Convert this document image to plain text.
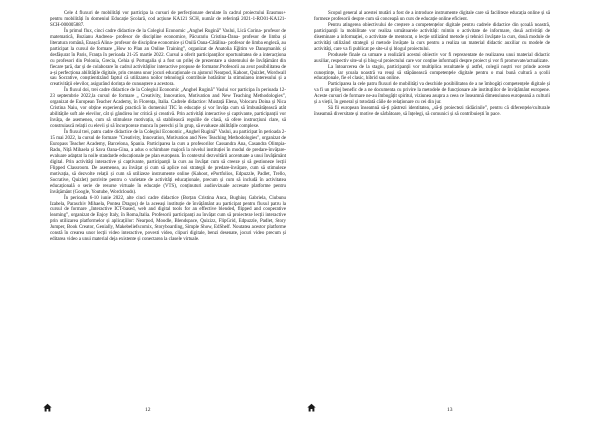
Cele 4 fluxuri de mobilități vor participa la cursuri de perfecționare derulate în cadrul proiectului Erasmus+ pentru mobilități în domeniul Educație Școlară, cod acțiune KA121 SCH, număr de referință 2021-1-RO01-KA121-SCH-000005887.

În primul flux, cinci cadre didactice de la Colegiul Economic „Anghel Rugină” Vaslui, Lică Corina- profesor de matematică, Bozianu Andreea- profesor de discipline economice, Păcurariu Cristina-Dana- profesor de limba și literatura română, Enașcă Alina- profesor de discipline economice și Onilă Oana-Cătălina- profesor de limba engleză, au participat la cursul de formare „How to Plan an Online Training”, organizat de Anatolia Eğitim ve Danışmanlık și desfășurat în Paris, Franța în perioada 21-25 martie 2022. Cursul a oferit participanților oportunitatea de a interacționa cu profesori din Polonia, Grecia, Cehia și Portugalia și a fost un prilej de prezentare a sistemului de învățământ din fiecare țară, dar și de colaborare în cadrul activităților interactive propuse de formator.Profesorii au avut posibilitatea de a-și perfecționa abilitățile digitale, prin crearea unor jocuri educaționale cu ajutorul Nearpod, Kahoot, Quizlet, Wordwall sau Socrative, conștientizând faptul că utilizarea noilor tehnologii contribuie hotărâtor la stimularea interesului și a creativității elevilor, asigurând dorința de cunoaștere a acestora.

În fluxul doi, trei cadre didactice de la Colegiul Economic „Anghel Rugină” Vaslui vor participa în perioada 12-23 septembrie 2022,la cursul de formare „ Creativity, Innovation, Motivation and New Teaching Methodologies”, organizat de European Teacher Academy, în Florența, Italia. Cadrele didactice: Mustață Elena, Volocaru Doina și Nica Cristina Naiu, vor obține experiență practică în domeniul TIC în educație și vor învăța cum să îmbunătățească atât abilitățile soft ale elevilor, cât și gândirea lor critică și creativă. Prin activități interactive și captivante, participanții vor învăța, de asemenea, cum să stimuleze motivația, să stabilească regulile de clasă, să ofere instrucțiuni clare, să construiască relații cu elevii și să încorporeze munca în perechi și în grup, să evalueze abilitățile complexe.

În fluxul trei, patru cadre didactice de la Colegiul Economic „Anghel Rugină” Vaslui, au participat în perioada 2-15 mai 2022, la cursul de formare "Creativity, Innovation, Motivation and New Teaching Methodologies", organizat de Europass Teacher Academy, Barcelona, Spania. Participarea la curs a profesorilor Cassandra Ana, Casandra Olimpia-Radu, Niță Mihaela și Sava Oana-Gina, a adus o schimbare majoră la nivelul instituției în modul de predare-învățare-evaluare adaptat la noile standarde educaționale pe plan european. În contextul dezvoltării accentuate a unui învățământ digital. Prin activități interactive și captivante, participanții la curs au învățat cum să creeze și să gestioneze lecții Flipped Classroom. De asemenea, au învățat și cum să aplice noi strategii de predare-învățare, cum să stimuleze motivația, să dezvolte relații și cum să utilizeze instrumente online (Kahoot, ePortfolios, Edpuzzle, Padlet, Trello, Socrative, Quizlet) potrivite pentru o varietate de activități educaționale, precum și cum să includă în activitatea educațională o serie de resurse virtuale în educație (VTS), conținuturi audiovizuale accesate platforme pentru învățământ (Google, Youtube, Wordclouds).

În perioada 6-10 iunie 2022, alte cinci cadre didactice (Borțan Cristina Anca, Bughiuș Gabriela, Ciubunu Izabela, Paraschiv Mihaela, Pontea Dragoș) de la aceeași instituție de învățământ au participat pentru fluxul patru la cursul de formare „Interactive ICT-based, web and digital tools for an effective blended, flipped and cooperative learning”, organizat de Enjoy Italy, în Roma,Italia. Profesorii participanți au învățat cum să proiecteze lecții interactive prin utilizarea platformelor și aplicațiilor: Nearpod, Moodle, Blendspace, Quizizz, FlipGrid, Edpuzzle, Padlet, Story Jumper, Book Creator, Genially, Makebeliefscomix, Storyboarding, Simple Show, EdShelf. Noutatea acestor platforme constă în crearea unor lecții video interactive, povesti video, clipuri digitale, benzi desenate, jocuri video precum și editarea video a unui material deja existente și conectarea la clasele virtuale.

12

Scopul general al acestei mutări a fost de a introduce instrumente digitale care să faciliteze educația online și să formeze profesorii despre cum să conceapă un curs de educație online eficient.

Pentru atingerea obiectivului de creștere a competențelor digitale pentru cadrele didactice din școală noastră, participanții la mobilitate vor realiza următoarele activități: mimin o activitate de informare, două activități de diseminare a informației, o activitate de mentorat, o lecție utilizând metode și tehnici învățate la curs, două module de activități utilizând strategii și metode învățate la curs pentru a realiza un material didactic auxiliar cu modele de activități, care va fi publicat pe site-ul și blogul proiectului.

Produsele finale ca urmare a realizării acestui obiectiv vor fi reprezentate de realizarea unui material didactic auxiliar, respectiv site-ul și blog-ul proiectului care vor conține informații despre proiect și vor fi promovate/actualizate.

La întoarcerea de la stagiu, participanții vor multiplica rezultatele și astfel, colegii noștri vor prinde aceste cunoștințe, iar școala noastră va reuși să stăpânească competențele digitale pentru o mai bună cultură a școlii educaționale, fie el clasic, hibrid sau online.

Participarea la cele patru fluxuri de mobilități va deschide posibilitatea de a ne îmbogăți competențele digitale și va fi un prilej benefic de a ne documenta cu privire la metodele de funcționare ale instituțiilor de învățământ europene. Aceste cursuri de formare ne-au îmbogățit spiritul, viziunea asupra a ceea ce înseamnă dimensiunea europeană a culturii și a vieții, în general și totodată căile de relaționare cu cei din jur.

Să fii european înseamnă să-ți păstrezi identitatea, „să-ți proiectezi rădăcinile”, pentru că diferențele/culturale înseamnă diversitate și motive de sărbătoare, să înțelegi, să comunici și să contribuiești în pace.

13
